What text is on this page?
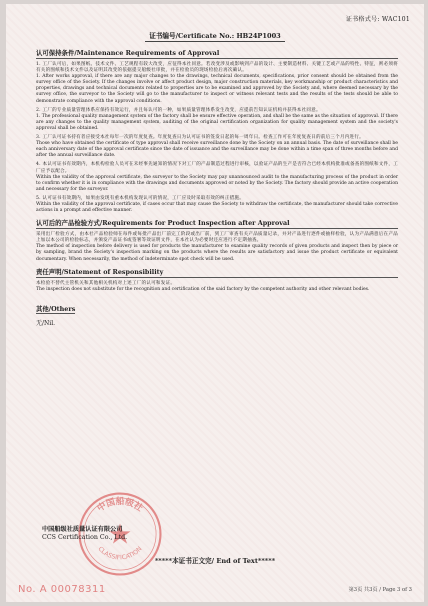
证书格式号: WAC101
证书编号/Certificate No.: HB24P1003
认可保持条件/Maintenance Requirements of Approval
1. 工厂认可后，如果图纸、技术文件、工艺规程有较大改变，应征得本社同意。若改变涉及或影响到产品的设计、主要制造材料、关键工艺或产品的特性、特征，则必须将有关的图纸和技术文件以及证明其改变的依据提交船级社审批，并在检验员的现场检验后再次确认。
1. After works approval, if there are any major changes to the drawings, technical documents, specifications, prior consent should be obtained from the survey office of the Society. If the changes involve or affect product design, major construction materials, key workmanship or product characteristics and properties, drawings and technical documents related to properties are to be examined and approved by the Society and, where deemed necessary by the survey office, the surveyor to the Society will go to the manufacturer to inspect or witness relevant tests and the results of the tests should be able to demonstrate compliance with the approval conditions.
2. 工厂的专业质量管理体系应保持有效运行，并且每认可的一种，如果质量管理体系发生改变，应提前告知认证机构并获得本社同意。
1. The professional quality management system of the factory shall be ensure effective operation, and shall be the same as the situation of approval. If there are any changes to the quality management system, auditing of the original certification organization for quality management system and the society's approval shall be obtained.
3. 工厂认可证书持有者应接受本社每年一次的年度复查。年度复查日为认可证书的签发日起的每一周年日。检查工作可在年度复查日的前后三个月内进行。
Those who have obtained the certificate of type approval shall receive surveillance done by the Society on an annual basis. The date of surveillance shall be each anniversary date of the approval certificate since the date of issuance and the surveillance may be done within a time span of three months before and after the annual surveillance date.
4. 本认可证书有效期内，本机构检验人员可在未经事先通知的情况下对工厂的产品制造过程进行审核，以验证产品的生产是否符合已经本机构批准或备查的图纸和文件，工厂应予以配合。
Within the validity of the approval certificate, the surveyor to the Society may pay unannounced audit to the manufacturing process of the product in order to confirm whether it is in compliance with the drawings and documents approved or noted by the Society. The factory should provide an active cooperation and necessary for the surveyor.
5. 认可证书有效期内，如果由发现有重本机构发现认可的情况，工厂应及时采取有效的纠正措施。
Within the validity of the approval certificate, if cases occur that may cause the Society to withdraw the certificate, the manufacturer should take corrective actions in a prompt and effective manner.
认可后的产品检验方式/Requirements for Product Inspection after Approval
采用出厂检验方式，由本社产品检验师在每件或每批产品出厂前完工阶段或出厂前，到工厂审查有关产品质量记录，并对产品进行逐件或抽样检验，认为产品满意后在产品上加以本公司的检验标志，并颁发产品证书或签署等效证明文件，在本社认为必要时还应进行不定期抽查。
The method of inspection before delivery is used for products the manufacturer to examine quality records of given products and inspect then by piece or by sampling, brand the Society's inspection marking on the products where the results are satisfactory and issue the product certificate or equivalent documentary. When necessarily, the method of indeterminate spot check will be used.
责任声明/Statement of Responsibility
本检验不替代主管机关和其他相关机构对上述工厂的认可和发证。
The inspection does not substitute for the recognition and certification of the said factory by the competent authority and other relevant bodies.
其他/Others
无/Nil.
中国船级社
CLASSIFICATION
中国船级社质量认证有限公司
CCS Certification Co., Ltd.
*****本证书正文完/ End of Text*****
No. A 00078311	第3页 共3页 / Page 3 of 3
